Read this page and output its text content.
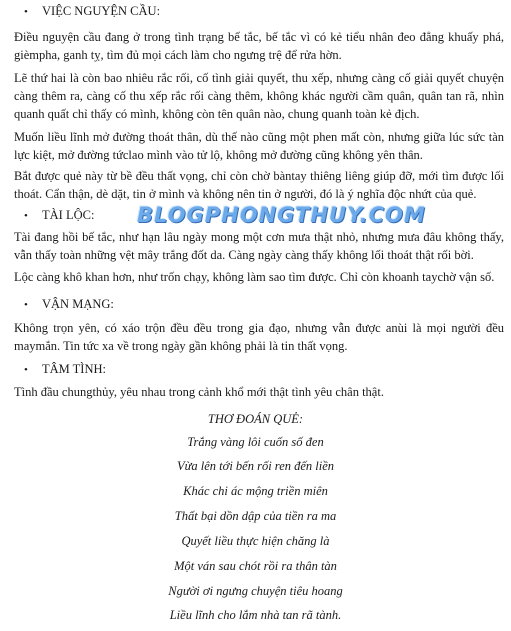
• VIỆC NGUYỆN CẦU:
Điều nguyện cầu đang ở trong tình trạng bế tắc, bế tắc vì có kẻ tiểu nhân đeo đẳng khuấy phá, gièmpha, ganh tỵ, tìm đủ mọi cách làm cho ngưng trệ để rửa hờn.
Lẽ thứ hai là còn bao nhiêu rắc rối, cố tình giải quyết, thu xếp, nhưng càng cố giải quyết chuyện càng thêm ra, càng cố thu xếp rắc rối càng thêm, không khác người cầm quân, quân tan rã, nhìn quanh quất chỉ thấy có mình, không còn tên quân nào, chung quanh toàn kẻ địch.
Muốn liều lĩnh mở đường thoát thân, dù thế nào cũng một phen mất còn, nhưng giữa lúc sức tàn lực kiệt, mở đường tứclao mình vào tử lộ, không mở đường cũng không yên thân.
Bắt được quẻ này từ bề đều thất vọng, chỉ còn chờ bàntay thiêng liêng giúp đỡ, mới tìm được lối thoát. Cẩn thận, dè dặt, tin ở mình và không nên tin ở người, đó là ý nghĩa độc nhứt của quẻ.
• TÀI LỘC: BLOGPHONGTHUY.COM
Tài đang hồi bế tắc, như hạn lâu ngày mong một cơn mưa thật nhỏ, nhưng mưa đâu không thấy, vẫn thấy toàn những vệt mây trắng đốt da. Càng ngày càng thấy không lối thoát thật rối bời.
Lộc càng khô khan hơn, như trốn chạy, không làm sao tìm được. Chỉ còn khoanh taychờ vận số.
• VẬN MẠNG:
Không trọn yên, có xáo trộn đều đều trong gia đạo, nhưng vẫn được anùi là mọi người đều maymắn. Tin tức xa về trong ngày gần không phải là tin thất vọng.
• TÂM TÌNH:
Tình đầu chungthủy, yêu nhau trong cảnh khổ mới thật tình yêu chân thật.
THƠ ĐOÁN QUẺ:
Trắng vàng lôi cuốn số đen
Vừa lên tới bến rối ren đến liền
Khác chi ác mộng triền miên
Thất bại dồn dập của tiền ra ma
Quyết liều thực hiện chăng là
Một ván sau chót rồi ra thân tàn
Người ơi ngưng chuyện tiêu hoang
Liều lĩnh cho lắm nhà tan rã tành.
